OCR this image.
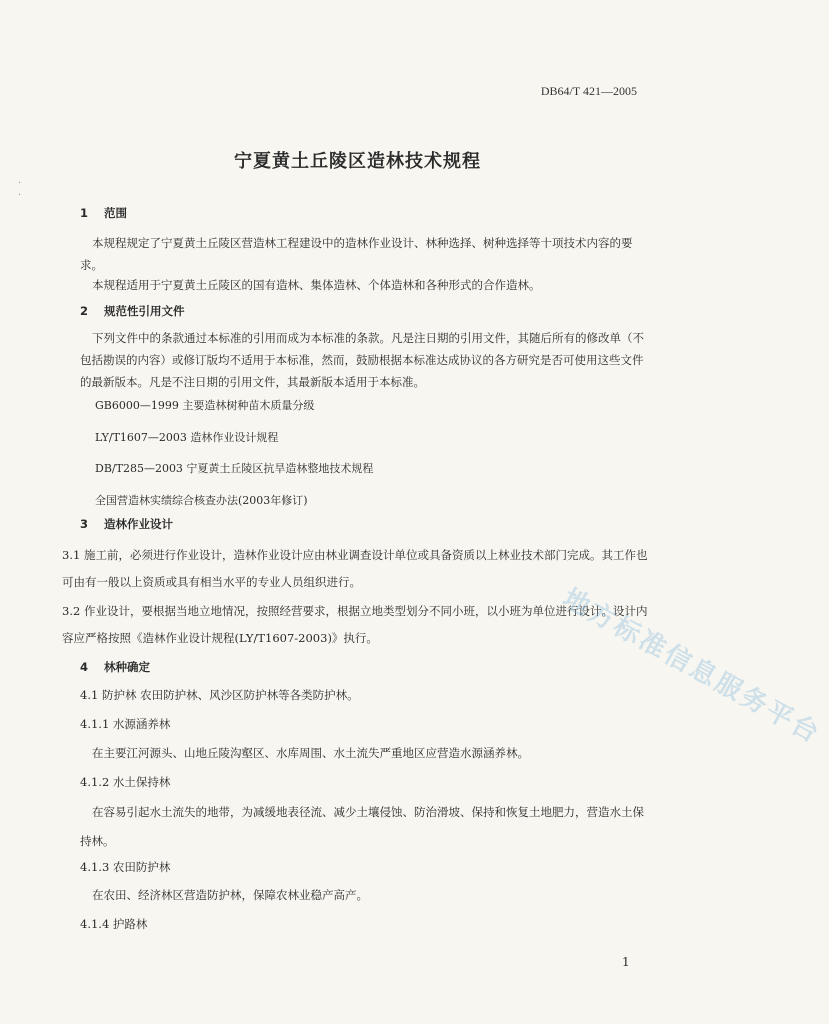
·
·
DB64/T 421—2005
宁夏黄土丘陵区造林技术规程
1 范围
本规程规定了宁夏黄土丘陵区营造林工程建设中的造林作业设计、林种选择、树种选择等十项技术内容的要求。
本规程适用于宁夏黄土丘陵区的国有造林、集体造林、个体造林和各种形式的合作造林。
2 规范性引用文件
下列文件中的条款通过本标准的引用而成为本标准的条款。凡是注日期的引用文件，其随后所有的修改单（不包括勘误的内容）或修订版均不适用于本标准，然而，鼓励根据本标准达成协议的各方研究是否可使用这些文件的最新版本。凡是不注日期的引用文件，其最新版本适用于本标准。
GB6000—1999 主要造林树种苗木质量分级
LY/T1607—2003 造林作业设计规程
DB/T285—2003 宁夏黄土丘陵区抗旱造林整地技术规程
全国营造林实绩综合核查办法(2003年修订)
3 造林作业设计
3.1 施工前，必须进行作业设计，造林作业设计应由林业调查设计单位或具备资质以上林业技术部门完成。其工作也可由有一般以上资质或具有相当水平的专业人员组织进行。
3.2 作业设计，要根据当地立地情况，按照经营要求，根据立地类型划分不同小班，以小班为单位进行设计。设计内容应严格按照《造林作业设计规程(LY/T1607-2003)》执行。
4 林种确定
4.1 防护林 农田防护林、风沙区防护林等各类防护林。
4.1.1 水源涵养林
在主要江河源头、山地丘陵沟壑区、水库周围、水土流失严重地区应营造水源涵养林。
4.1.2 水土保持林
在容易引起水土流失的地带，为减缓地表径流、减少土壤侵蚀、防治滑坡、保持和恢复土地肥力，营造水土保持林。
4.1.3 农田防护林
在农田、经济林区营造防护林，保障农林业稳产高产。
4.1.4 护路林
1
地方标准信息服务平台
